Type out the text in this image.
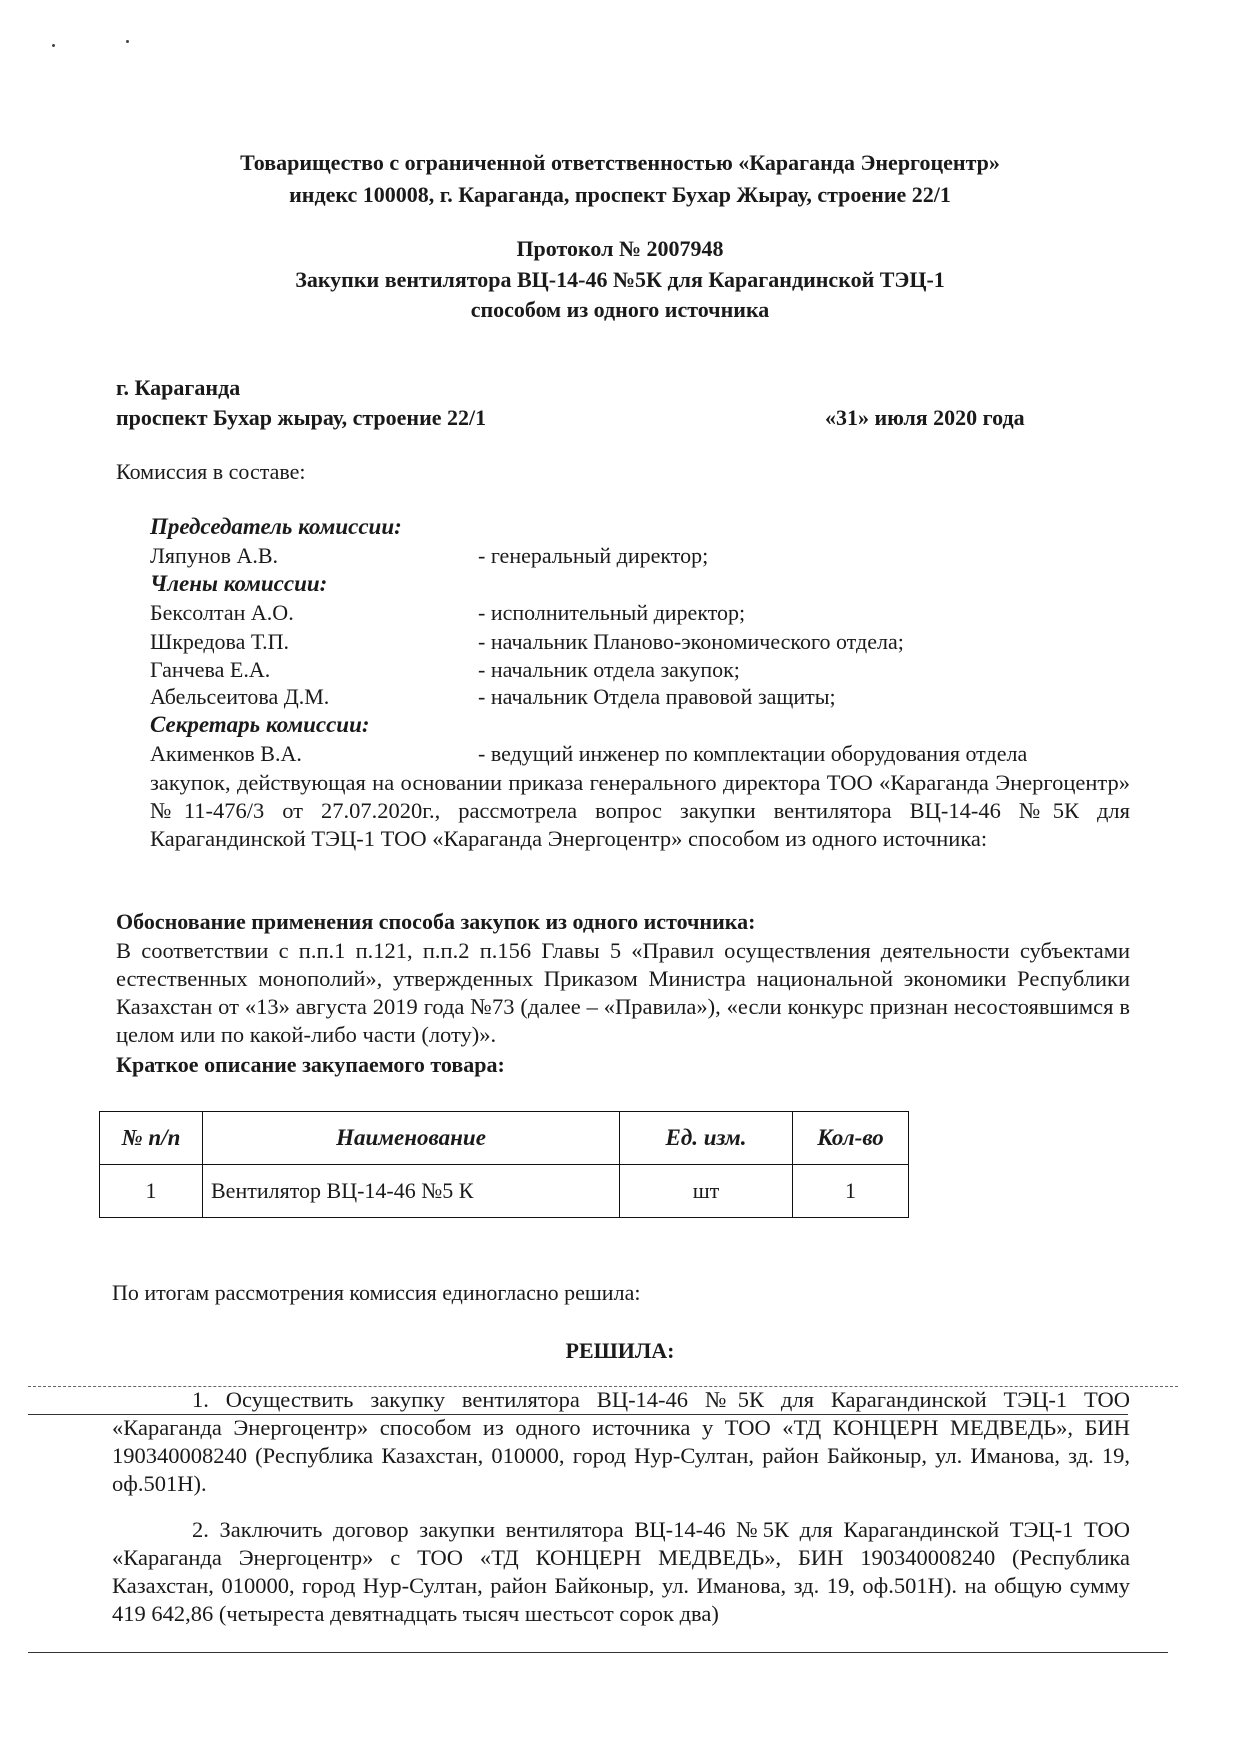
Товарищество с ограниченной ответственностью «Караганда Энергоцентр»
индекс 100008, г. Караганда, проспект Бухар Жырау, строение 22/1
Протокол № 2007948
Закупки вентилятора ВЦ-14-46 №5К для Карагандинской ТЭЦ-1
способом из одного источника
г. Караганда
проспект Бухар жырау, строение 22/1	«31» июля 2020 года
Комиссия в составе:
Председатель комиссии:
Ляпунов А.В.	- генеральный директор;
Члены комиссии:
Бексолтан А.О.	- исполнительный директор;
Шкредова Т.П.	- начальник Планово-экономического отдела;
Ганчева Е.А.	- начальник отдела закупок;
Абельсеитова Д.М.	- начальник Отдела правовой защиты;
Секретарь комиссии:
Акименков В.А.	- ведущий инженер по комплектации оборудования отдела

закупок, действующая на основании приказа генерального директора ТОО «Караганда Энергоцентр» №11-476/3 от 27.07.2020г., рассмотрела вопрос закупки вентилятора ВЦ-14-46 №5К для Карагандинской ТЭЦ-1 ТОО «Караганда Энергоцентр» способом из одного источника:

Обоснование применения способа закупок из одного источника:

В соответствии с п.п.1 п.121, п.п.2 п.156 Главы 5 «Правил осуществления деятельности субъектами естественных монополий», утвержденных Приказом Министра национальной экономики Республики Казахстан от «13» августа 2019 года №73 (далее – «Правила»), «если конкурс признан несостоявшимся в целом или по какой-либо части (лоту)».

Краткое описание закупаемого товара:
№ п/п	Наименование	Ед. изм.	Кол-во
1	Вентилятор ВЦ-14-46 №5 К	шт	1
По итогам рассмотрения комиссия единогласно решила:
РЕШИЛА:

1. Осуществить закупку вентилятора ВЦ-14-46 №5К для Карагандинской ТЭЦ-1 ТОО «Караганда Энергоцентр» способом из одного источника у ТОО «ТД КОНЦЕРН МЕДВЕДЬ», БИН 190340008240 (Республика Казахстан, 010000, город Нур-Султан, район Байконыр, ул. Иманова, зд. 19, оф.501Н).

2. Заключить договор закупки вентилятора ВЦ-14-46 №5К для Карагандинской ТЭЦ-1 ТОО «Караганда Энергоцентр» с ТОО «ТД КОНЦЕРН МЕДВЕДЬ», БИН 190340008240 (Республика Казахстан, 010000, город Нур-Султан, район Байконыр, ул. Иманова, зд. 19, оф.501Н). на общую сумму 419 642,86 (четыреста девятнадцать тысяч шестьсот сорок два)
